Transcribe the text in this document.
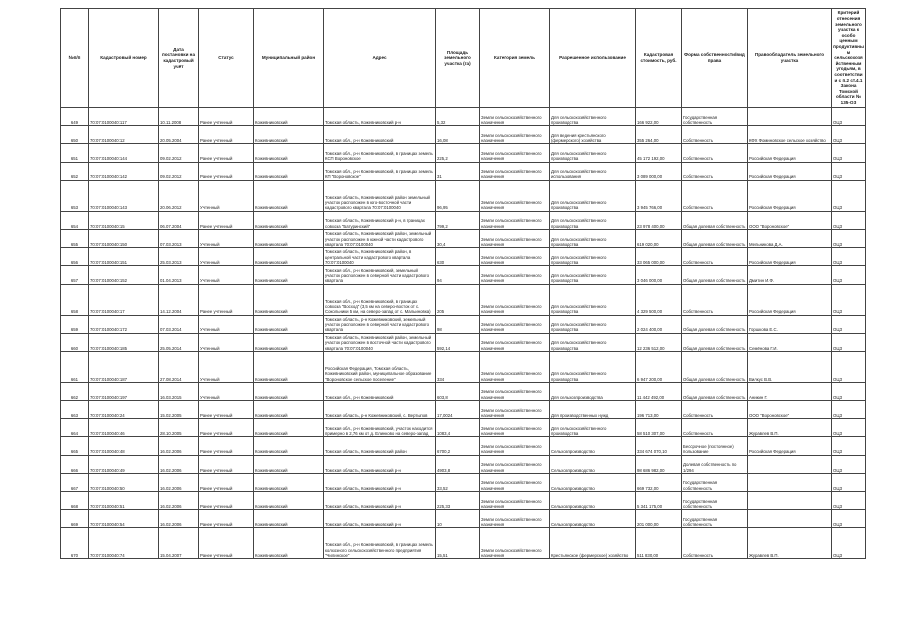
№п/п	Кадастровый номер	Дата постановки на кадастровый учёт	Статус	Муниципальный район	Адрес	Площадь земельного участка (га)	Категория земель	Разрешенное использование	Кадастровая стоимость, руб.	Форма собственности/вид права	Правообладатель земельного участка	Критерий отнесения земельного участка к особо ценным продуктивным сельскохозяйственным угодьям, в соответствии с п.2 ст.4.1 Закона Томской области № 135-ОЗ
649	70:07:0100040:117	10.11.2008	Ранее учтенный	Кожевниковский	Томская область, Кожевниковский р-н	5,32	Земли сельскохозяйственного назначения	Для сельскохозяйственного производства	166 922,00	Государственная собственность		ОЦЗ
650	70:07:0100040:12	20.05.2004	Ранее учтенный	Кожевниковский	Томская обл., р-н Кожевниковский	16,08	Земли сельскохозяйственного назначения	Для ведения крестьянского (фермерского) хозяйства	355 264,00	Собственность	КФХ Фоминовское сельское хозяйство	ОЦЗ
651	70:07:0100040:144	09.02.2012	Ранее учтенный	Кожевниковский	Томская обл., р-н Кожевниковский, в границах земель КСП Вороновское	225,2	Земли сельскохозяйственного назначения	Для сельскохозяйственного производства	45 172 192,00	Собственность	Российская Федерация	ОЦЗ
652	70:07:0100040:142	09.02.2012	Ранее учтенный	Кожевниковский	Томская обл., р-н Кожевниковский, в границах земель КП "Вороновское"	31	Земли сельскохозяйственного назначения	Для сельскохозяйственного использования	3 089 000,00	Собственность	Российская Федерация	ОЦЗ
653	70:07:0100040:143	20.06.2012	Учтенный	Кожевниковский	Томская область, Кожевниковский район земельный участок расположен в юго-восточной части кадастрового квартала 70:07:0100040	96,95	Земли сельскохозяйственного назначения	Для сельскохозяйственного производства	3 945 766,00	Собственность	Российская Федерация	ОЦЗ
654	70:07:0100040:15	06.07.2004	Ранее учтенный	Кожевниковский	Томская область, Кожевниковский р-н, в границах совхоза "Батуринский"	799,2	Земли сельскохозяйственного назначения	Для сельскохозяйственного производства	23 978 400,00	Общая долевая собственность	ООО "Вороновское"	ОЦЗ
655	70:07:0100040:150	07.03.2013	Учтенный	Кожевниковский	Томская область, Кожевниковский район, земельный участок расположен в южной части кадастрового квартала 70:07:0100040	30,4	Земли сельскохозяйственного назначения	Для сельскохозяйственного производства	619 020,00	Общая долевая собственность	Мельникова Д.А.	ОЦЗ
656	70:07:0100040:151	25.03.2013	Учтенный	Кожевниковский	Томская область, Кожевниковский район, в центральной части кадастрового квартала 70:07:0100040	630	Земли сельскохозяйственного назначения	Для сельскохозяйственного производства	33 065 000,00	Собственность	Российская Федерация	ОЦЗ
657	70:07:0100040:152	01.04.2013	Учтенный	Кожевниковский	Томская обл., р-н Кожевниковский, земельный участок расположен в северной части кадастрового квартала	94	Земли сельскохозяйственного назначения	Для сельскохозяйственного производства	3 046 000,00	Общая долевая собственность	Дмитин И.Ф.	ОЦЗ
658	70:07:0100040:17	14.12.2004	Ранее учтенный	Кожевниковский	Томская обл., р-н Кожевниковский, в границах совхоза "Восход" (3,5 км на северо-восток от с. Сокольники 5 км, на северо-запад от с. Мальиновка)	205	Земли сельскохозяйственного назначения	Для сельскохозяйственного производства	4 329 500,00	Собственность	Российская Федерация	ОЦЗ
659	70:07:0100040:172	07.03.2014	Учтенный	Кожевниковский	Томская область, р-н Кожевниковский, земельный участок расположен в северной части кадастрового квартала	98	Земли сельскохозяйственного назначения	Для сельскохозяйственного производства	2 024 400,00	Общая долевая собственность	Горшкова Е.С.	ОЦЗ
660	70:07:0100040:185	25.05.2014	Учтенный	Кожевниковский	Томская область, Кожевниковский район, земельный участок расположен в восточной части кадастрового квартала 70:07:0100040	592,14	Земли сельскохозяйственного назначения	Для сельскохозяйственного производства	12 236 512,00	Общая долевая собственность	Семёнова Г.И.	ОЦЗ
661	70:07:0100040:187	27.08.2014	Учтенный	Кожевниковский	Российская Федерация, Томская область, Кожевниковский район, муниципальное образование "Вороновское сельское поселение"	334	Земли сельскохозяйственного назначения	Для сельскохозяйственного производства	6 947 200,00	Общая долевая собственность	Вилкус В.В.	ОЦЗ
662	70:07:0100040:197	16.03.2015	Учтенный	Кожевниковский	Томская обл., р-н Кожевниковский	603,8	Земли сельскохозяйственного назначения	Для сельхозпроизводства	11 442 492,00	Общая долевая собственность	Аникин Г.	ОЦЗ
663	70:07:0100040:24	15.02.2005	Ранее учтенный	Кожевниковский	Томская область, р-н Кожевниковский, с. Вертыпов	17,0024	Земли сельскохозяйственного назначения	Для производственных нужд	196 713,00	Собственность	ООО "Вороновское"	ОЦЗ
664	70:07:0100040:46	28.10.2005	Ранее учтенный	Кожевниковский	Томская обл., р-н Кожевниковский, участок находится примерно в 2,76 км от д. Елинково на северо-запад	1083,4	Земли сельскохозяйственного назначения	Для сельскохозяйственного производства	58 510 307,00	Собственность	Журавлев В.П.	ОЦЗ
665	70:07:0100040:48	16.02.2006	Ранее учтенный	Кожевниковский	Томская область, Кожевниковский район	6700,2	Земли сельскохозяйственного назначения	Сельхозпроизводство	334 674 070,10	Бессрочное (постоянное) пользование	Российская Федерация	ОЦЗ
666	70:07:0100040:49	16.02.2006	Ранее учтенный	Кожевниковский	Томская область, Кожевниковский р-н	4903,8	Земли сельскохозяйственного назначения	Сельхозпроизводство	98 686 982,00	Долевая собственность по 1/294		ОЦЗ
667	70:07:0100040:50	16.02.2006	Ранее учтенный	Кожевниковский	Томская область, Кожевниковский р-н	33,52	Земли сельскохозяйственного назначения	Сельхозпроизводство	669 732,00	Государственная собственность		ОЦЗ
668	70:07:0100040:51	16.02.2006	Ранее учтенный	Кожевниковский	Томская область, Кожевниковский р-н	225,33	Земли сельскохозяйственного назначения	Сельхозпроизводство	5 341 175,00	Государственная собственность		ОЦЗ
669	70:07:0100040:54	16.02.2006	Ранее учтенный	Кожевниковский	Томская область, Кожевниковский р-н	10	Земли сельскохозяйственного назначения	Сельхозпроизводство	201 000,00	Государственная собственность		ОЦЗ
670	70:07:0100040:74	15.04.2007	Ранее учтенный	Кожевниковский	Томская обл., р-н Кожевниковский, в границах земель колхозного сельскохозяйственного предприятия "Чилинское"	15,51	Земли сельскохозяйственного назначения	Крестьянское (фермерское) хозяйство	511 830,00	Собственность	Журавлев В.П.	ОЦЗ
